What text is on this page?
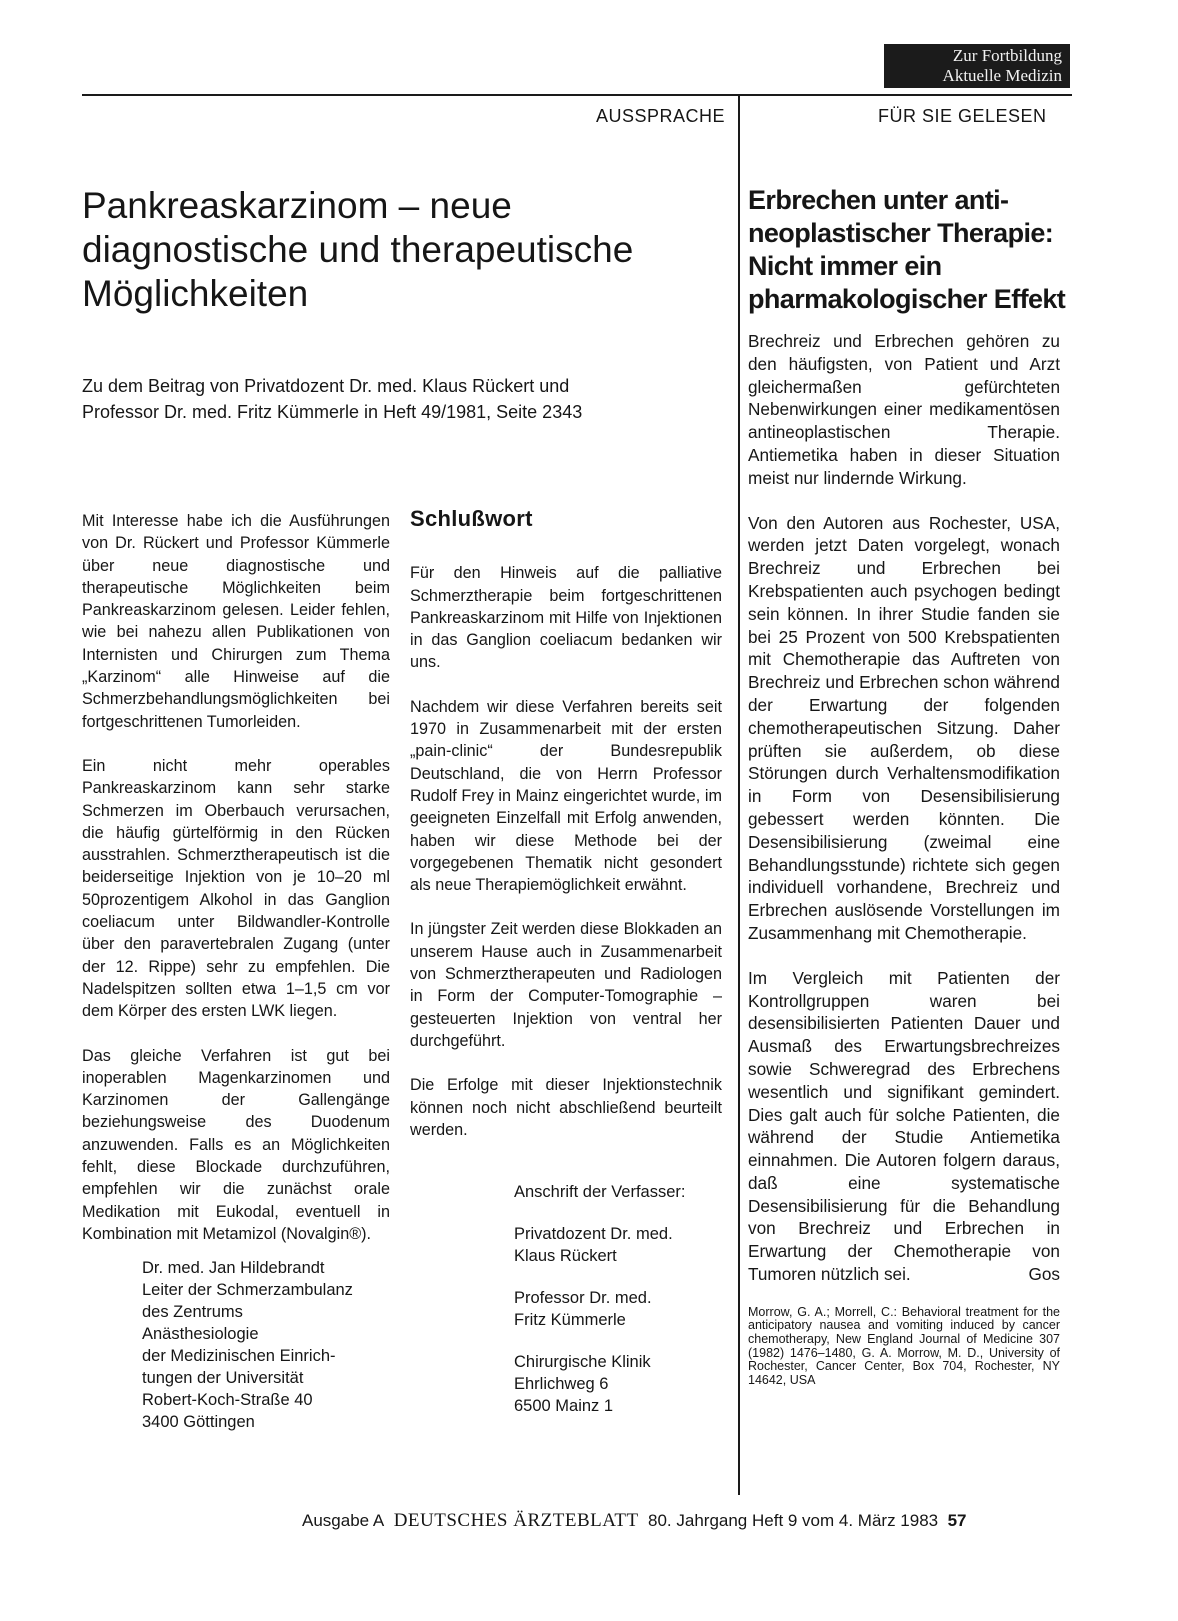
Zur Fortbildung
Aktuelle Medizin
AUSSPRACHE	FÜR SIE GELESEN
Pankreaskarzinom – neue
diagnostische und therapeutische
Möglichkeiten

Zu dem Beitrag von Privatdozent Dr. med. Klaus Rückert und
Professor Dr. med. Fritz Kümmerle in Heft 49/1981, Seite 2343

Mit Interesse habe ich die Ausführungen von Dr. Rückert und Professor Kümmerle über neue diagnostische und therapeutische Möglichkeiten beim Pankreaskarzinom gelesen. Leider fehlen, wie bei nahezu allen Publikationen von Internisten und Chirurgen zum Thema „Karzinom“ alle Hinweise auf die Schmerzbehandlungsmöglichkeiten bei fortgeschrittenen Tumorleiden.

Ein nicht mehr operables Pankreaskarzinom kann sehr starke Schmerzen im Oberbauch verursachen, die häufig gürtelförmig in den Rücken ausstrahlen. Schmerztherapeutisch ist die beiderseitige Injektion von je 10–20 ml 50prozentigem Alkohol in das Ganglion coeliacum unter Bildwandler-Kontrolle über den paravertebralen Zugang (unter der 12. Rippe) sehr zu empfehlen. Die Nadelspitzen sollten etwa 1–1,5 cm vor dem Körper des ersten LWK liegen.

Das gleiche Verfahren ist gut bei inoperablen Magenkarzinomen und Karzinomen der Gallengänge beziehungsweise des Duodenum anzuwenden. Falls es an Möglichkeiten fehlt, diese Blockade durchzuführen, empfehlen wir die zunächst orale Medikation mit Eukodal, eventuell in Kombination mit Metamizol (Novalgin®).

Dr. med. Jan Hildebrandt
Leiter der Schmerzambulanz
des Zentrums
Anästhesiologie
der Medizinischen Einrich-
tungen der Universität
Robert-Koch-Straße 40
3400 Göttingen
Schlußwort

Für den Hinweis auf die palliative Schmerztherapie beim fortgeschrittenen Pankreaskarzinom mit Hilfe von Injektionen in das Ganglion coeliacum bedanken wir uns.

Nachdem wir diese Verfahren bereits seit 1970 in Zusammenarbeit mit der ersten „pain-clinic“ der Bundesrepublik Deutschland, die von Herrn Professor Rudolf Frey in Mainz eingerichtet wurde, im geeigneten Einzelfall mit Erfolg anwenden, haben wir diese Methode bei der vorgegebenen Thematik nicht gesondert als neue Therapiemöglichkeit erwähnt.

In jüngster Zeit werden diese Blokkaden an unserem Hause auch in Zusammenarbeit von Schmerztherapeuten und Radiologen in Form der Computer-Tomographie – gesteuerten Injektion von ventral her durchgeführt.

Die Erfolge mit dieser Injektionstechnik können noch nicht abschließend beurteilt werden.

Anschrift der Verfasser:

Privatdozent Dr. med.
Klaus Rückert
Professor Dr. med.
Fritz Kümmerle
Chirurgische Klinik
Ehrlichweg 6
6500 Mainz 1
Erbrechen unter anti-
neoplastischer Therapie:
Nicht immer ein
pharmakologischer Effekt

Brechreiz und Erbrechen gehören zu den häufigsten, von Patient und Arzt gleichermaßen gefürchteten Nebenwirkungen einer medikamentösen antineoplastischen Therapie. Antiemetika haben in dieser Situation meist nur lindernde Wirkung.

Von den Autoren aus Rochester, USA, werden jetzt Daten vorgelegt, wonach Brechreiz und Erbrechen bei Krebspatienten auch psychogen bedingt sein können. In ihrer Studie fanden sie bei 25 Prozent von 500 Krebspatienten mit Chemotherapie das Auftreten von Brechreiz und Erbrechen schon während der Erwartung der folgenden chemotherapeutischen Sitzung. Daher prüften sie außerdem, ob diese Störungen durch Verhaltensmodifikation in Form von Desensibilisierung gebessert werden könnten. Die Desensibilisierung (zweimal eine Behandlungsstunde) richtete sich gegen individuell vorhandene, Brechreiz und Erbrechen auslösende Vorstellungen im Zusammenhang mit Chemotherapie.

Im Vergleich mit Patienten der Kontrollgruppen waren bei desensibilisierten Patienten Dauer und Ausmaß des Erwartungsbrechreizes sowie Schweregrad des Erbrechens wesentlich und signifikant gemindert. Dies galt auch für solche Patienten, die während der Studie Antiemetika einnahmen. Die Autoren folgern daraus, daß eine systematische Desensibilisierung für die Behandlung von Brechreiz und Erbrechen in Erwartung der Chemotherapie von Tumoren nützlich sei.	Gos

Morrow, G. A.; Morrell, C.: Behavioral treatment for the anticipatory nausea and vomiting induced by cancer chemotherapy, New England Journal of Medicine 307 (1982) 1476–1480, G. A. Morrow, M. D., University of Rochester, Cancer Center, Box 704, Rochester, NY 14642, USA
Ausgabe A DEUTSCHES ÄRZTEBLATT 80. Jahrgang Heft 9 vom 4. März 1983 57
